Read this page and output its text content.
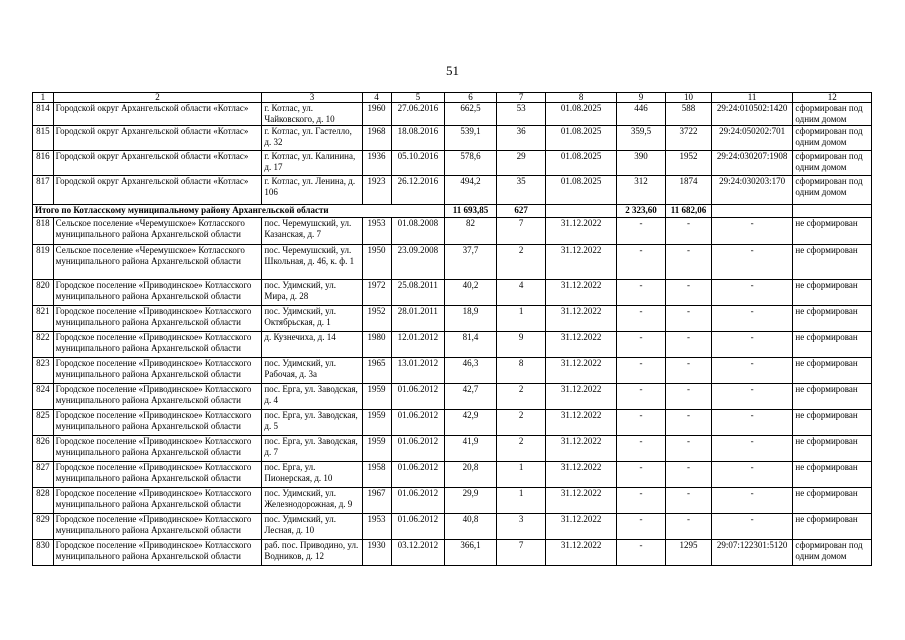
51
1	2	3	4	5	6	7	8	9	10	11	12
814	Городской округ Архангельской области «Котлас»	г. Котлас, ул. Чайковского, д. 10	1960	27.06.2016	662,5	53	01.08.2025	446	588	29:24:010502:1420	сформирован под одним домом
815	Городской округ Архангельской области «Котлас»	г. Котлас, ул. Гастелло, д. 32	1968	18.08.2016	539,1	36	01.08.2025	359,5	3722	29:24:050202:701	сформирован под одним домом
816	Городской округ Архангельской области «Котлас»	г. Котлас, ул. Калинина, д. 17	1936	05.10.2016	578,6	29	01.08.2025	390	1952	29:24:030207:1908	сформирован под одним домом
817	Городской округ Архангельской области «Котлас»	г. Котлас, ул. Ленина, д. 106	1923	26.12.2016	494,2	35	01.08.2025	312	1874	29:24:030203:170	сформирован под одним домом
Итого по Котласскому муниципальному району Архангельской области					11 693,85	627		2 323,60	11 682,06		
818	Сельское поселение «Черемушское» Котласского муниципального района Архангельской области	пос. Черемушский, ул. Казанская, д. 7	1953	01.08.2008	82	7	31.12.2022	-	-	-	не сформирован
819	Сельское поселение «Черемушское» Котласского муниципального района Архангельской области	пос. Черемушский, ул. Школьная, д. 46, к. ф. 1	1950	23.09.2008	37,7	2	31.12.2022	-	-	-	не сформирован
820	Городское поселение «Приводинское» Котласского муниципального района Архангельской области	пос. Удимский, ул. Мира, д. 28	1972	25.08.2011	40,2	4	31.12.2022	-	-	-	не сформирован
821	Городское поселение «Приводинское» Котласского муниципального района Архангельской области	пос. Удимский, ул. Октябрьская, д. 1	1952	28.01.2011	18,9	1	31.12.2022	-	-	-	не сформирован
822	Городское поселение «Приводинское» Котласского муниципального района Архангельской области	д. Кузнечиха, д. 14	1980	12.01.2012	81,4	9	31.12.2022	-	-	-	не сформирован
823	Городское поселение «Приводинское» Котласского муниципального района Архангельской области	пос. Удимский, ул. Рабочая, д. 3а	1965	13.01.2012	46,3	8	31.12.2022	-	-	-	не сформирован
824	Городское поселение «Приводинское» Котласского муниципального района Архангельской области	пос. Ерга, ул. Заводская, д. 4	1959	01.06.2012	42,7	2	31.12.2022	-	-	-	не сформирован
825	Городское поселение «Приводинское» Котласского муниципального района Архангельской области	пос. Ерга, ул. Заводская, д. 5	1959	01.06.2012	42,9	2	31.12.2022	-	-	-	не сформирован
826	Городское поселение «Приводинское» Котласского муниципального района Архангельской области	пос. Ерга, ул. Заводская, д. 7	1959	01.06.2012	41,9	2	31.12.2022	-	-	-	не сформирован
827	Городское поселение «Приводинское» Котласского муниципального района Архангельской области	пос. Ерга, ул. Пионерская, д. 10	1958	01.06.2012	20,8	1	31.12.2022	-	-	-	не сформирован
828	Городское поселение «Приводинское» Котласского муниципального района Архангельской области	пос. Удимский, ул. Железнодорожная, д. 9	1967	01.06.2012	29,9	1	31.12.2022	-	-	-	не сформирован
829	Городское поселение «Приводинское» Котласского муниципального района Архангельской области	пос. Удимский, ул. Лесная, д. 10	1953	01.06.2012	40,8	3	31.12.2022	-	-	-	не сформирован
830	Городское поселение «Приводинское» Котласского муниципального района Архангельской области	раб. пос. Приводино, ул. Водников, д. 12	1930	03.12.2012	366,1	7	31.12.2022	-	1295	29:07:122301:5120	сформирован под одним домом
